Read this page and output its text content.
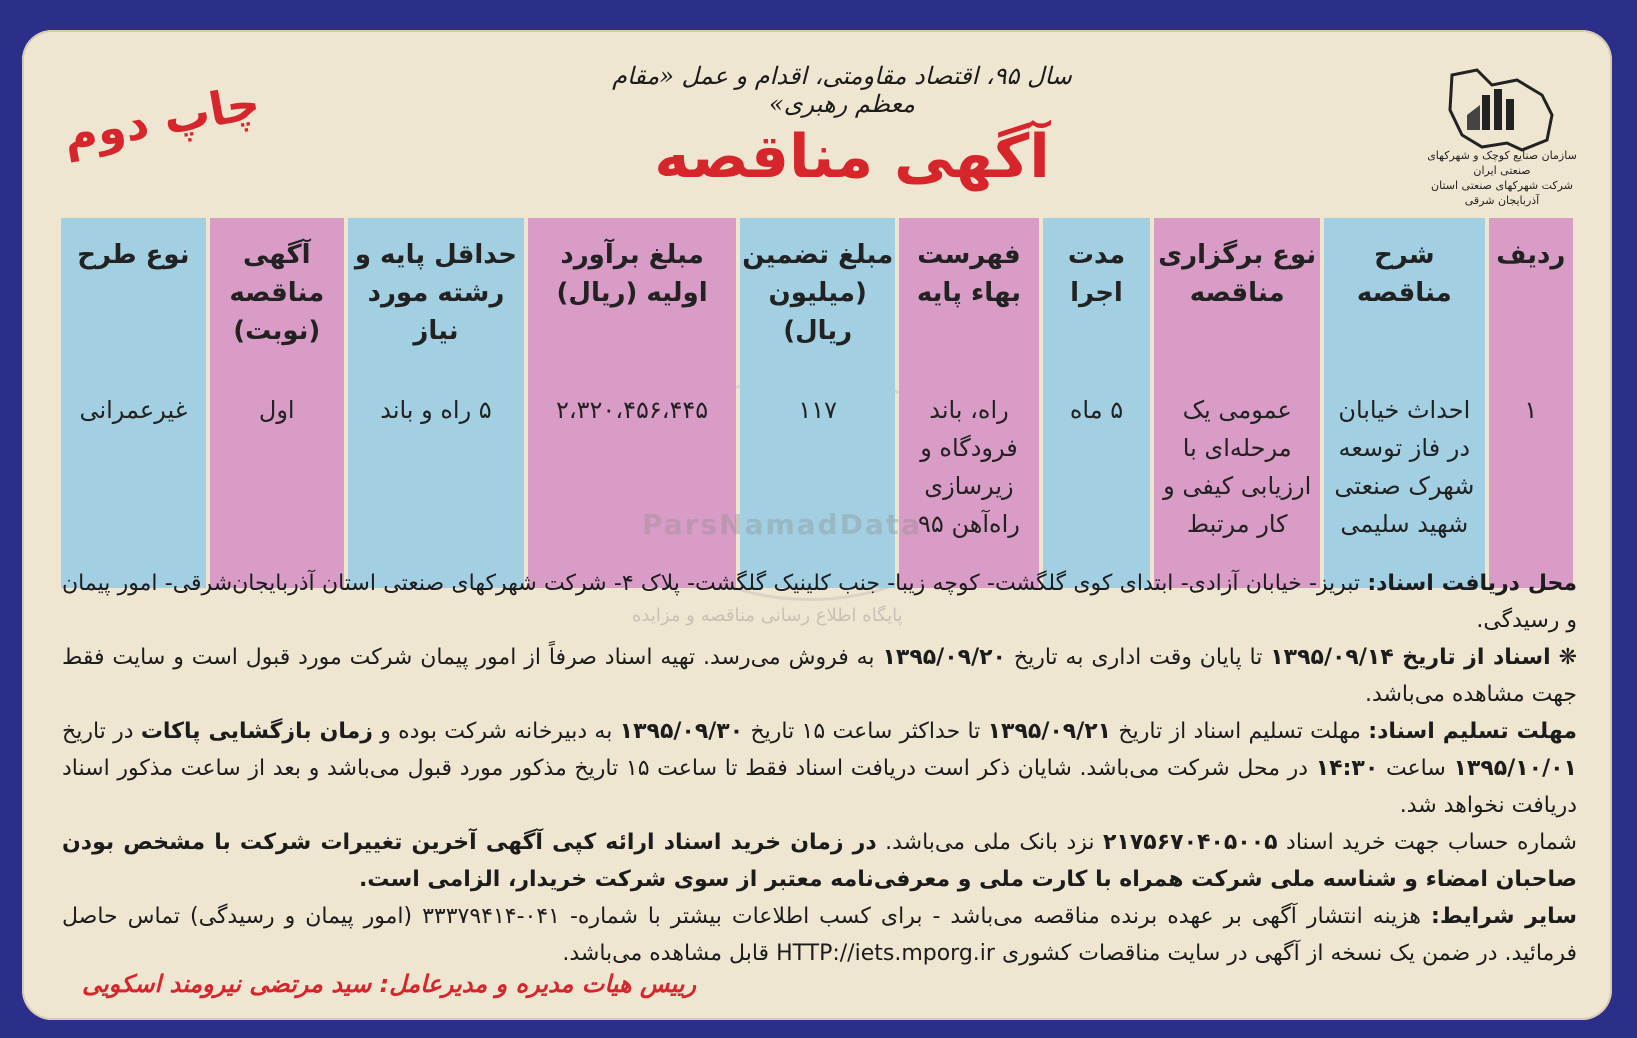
سال ۹۵، اقتصاد مقاومتی، اقدام و عمل «مقام معظم رهبری»
آگهی مناقصه
چاپ دوم	سازمان صنایع کوچک و شهرکهای صنعتی ایران
شرکت شهرکهای صنعتی استان آذربایجان شرقی
ردیف	شرح مناقصه	نوع برگزاری مناقصه	مدت اجرا	فهرست بهاء پایه	مبلغ تضمین (میلیون ریال)	مبلغ برآورد اولیه (ریال)	حداقل پایه و رشته مورد نیاز	آگهی مناقصه (نوبت)	نوع طرح
۱	احداث خیابان در فاز توسعه شهرک صنعتی شهید سلیمی	عمومی یک مرحله‌ای با ارزیابی کیفی و کار مرتبط	۵ ماه	راه، باند فرودگاه و زیرسازی راه‌آهن ۹۵	۱۱۷	۲،۳۲۰،۴۵۶،۴۴۵	۵ راه و باند	اول	غیرعمرانی
ParsNamadData
پایگاه اطلاع رسانی مناقصه و مزایده

محل دریافت اسناد: تبریز- خیابان آزادی- ابتدای کوی گلگشت- کوچه زیبا- جنب کلینیک گلگشت- پلاک ۴- شرکت شهرکهای صنعتی استان آذربایجان‌شرقی- امور پیمان و رسیدگی.

❋ اسناد از تاریخ ۱۳۹۵/۰۹/۱۴ تا پایان وقت اداری به تاریخ ۱۳۹۵/۰۹/۲۰ به فروش می‌رسد. تهیه اسناد صرفاً از امور پیمان شرکت مورد قبول است و سایت فقط جهت مشاهده می‌باشد.

مهلت تسلیم اسناد: مهلت تسلیم اسناد از تاریخ ۱۳۹۵/۰۹/۲۱ تا حداکثر ساعت ۱۵ تاریخ ۱۳۹۵/۰۹/۳۰ به دبیرخانه شرکت بوده و زمان بازگشایی پاکات در تاریخ ۱۳۹۵/۱۰/۰۱ ساعت ۱۴:۳۰ در محل شرکت می‌باشد. شایان ذکر است دریافت اسناد فقط تا ساعت ۱۵ تاریخ مذکور مورد قبول می‌باشد و بعد از ساعت مذکور اسناد دریافت نخواهد شد.

شماره حساب جهت خرید اسناد ۲۱۷۵۶۷۰۴۰۵۰۰۵ نزد بانک ملی می‌باشد. در زمان خرید اسناد ارائه کپی آگهی آخرین تغییرات شرکت با مشخص بودن صاحبان امضاء و شناسه ملی شرکت همراه با کارت ملی و معرفی‌نامه معتبر از سوی شرکت خریدار، الزامی است.

سایر شرایط: هزینه انتشار آگهی بر عهده برنده مناقصه می‌باشد - برای کسب اطلاعات بیشتر با شماره- ۰۴۱-۳۳۳۷۹۴۱۴ (امور پیمان و رسیدگی) تماس حاصل فرمائید. در ضمن یک نسخه از آگهی در سایت مناقصات کشوری HTTP://iets.mporg.ir قابل مشاهده می‌باشد.

رییس هیات مدیره و مدیرعامل: سید مرتضی نیرومند اسکویی
